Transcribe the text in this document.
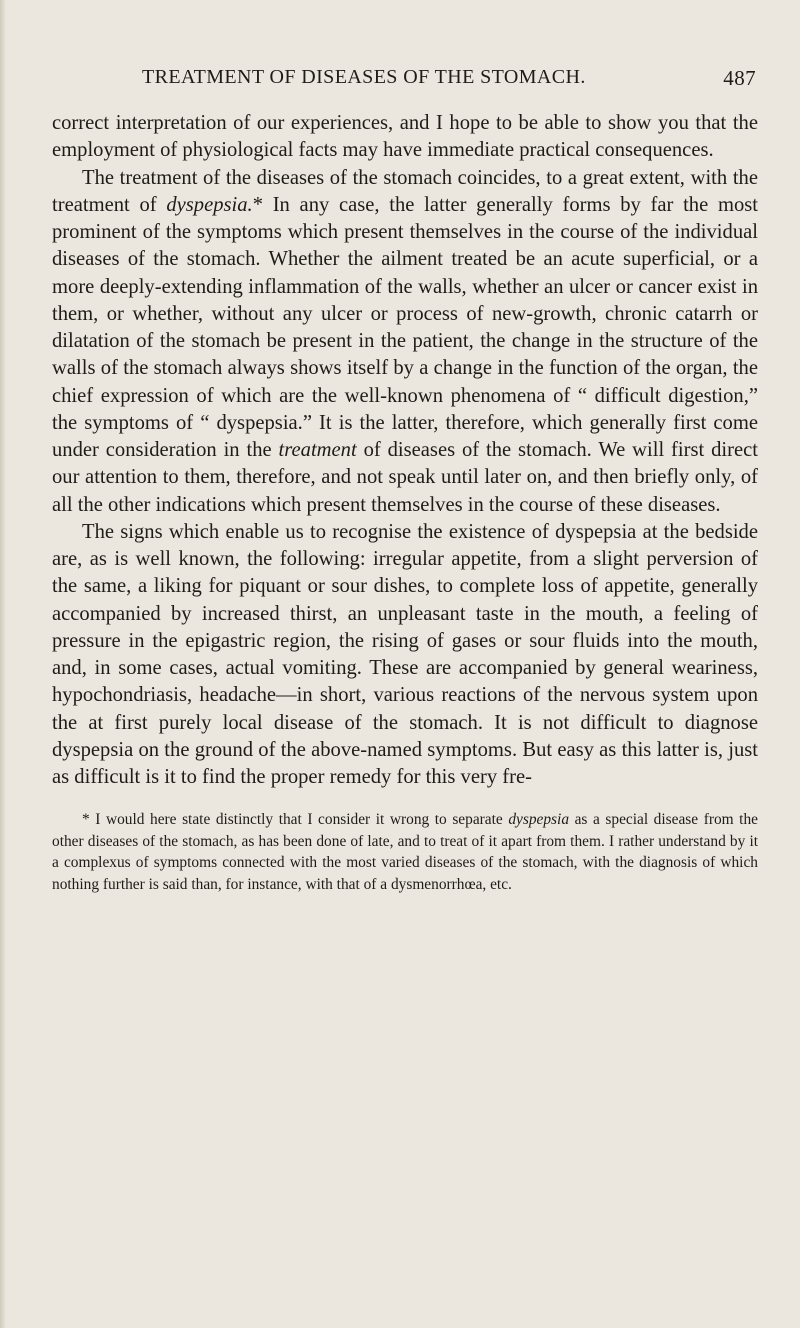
TREATMENT OF DISEASES OF THE STOMACH.	487

correct interpretation of our experiences, and I hope to be able to show you that the employment of physiological facts may have immediate practical consequences.

The treatment of the diseases of the stomach coincides, to a great extent, with the treatment of dyspepsia.* In any case, the latter generally forms by far the most prominent of the symptoms which present themselves in the course of the individual diseases of the stomach. Whether the ailment treated be an acute superficial, or a more deeply-extending inflammation of the walls, whether an ulcer or cancer exist in them, or whether, without any ulcer or process of new-growth, chronic catarrh or dilatation of the stomach be present in the patient, the change in the structure of the walls of the stomach always shows itself by a change in the function of the organ, the chief expression of which are the well-known phenomena of “ difficult digestion,” the symptoms of “ dyspepsia.” It is the latter, therefore, which generally first come under consideration in the treatment of diseases of the stomach. We will first direct our attention to them, therefore, and not speak until later on, and then briefly only, of all the other indications which present themselves in the course of these diseases.

The signs which enable us to recognise the existence of dyspepsia at the bedside are, as is well known, the following: irregular appetite, from a slight perversion of the same, a liking for piquant or sour dishes, to complete loss of appetite, generally accompanied by increased thirst, an unpleasant taste in the mouth, a feeling of pressure in the epigastric region, the rising of gases or sour fluids into the mouth, and, in some cases, actual vomiting. These are accompanied by general weariness, hypochondriasis, headache—in short, various reactions of the nervous system upon the at first purely local disease of the stomach. It is not difficult to diagnose dyspepsia on the ground of the above-named symptoms. But easy as this latter is, just as difficult is it to find the proper remedy for this very fre-

* I would here state distinctly that I consider it wrong to separate dyspepsia as a special disease from the other diseases of the stomach, as has been done of late, and to treat of it apart from them. I rather understand by it a complexus of symptoms connected with the most varied diseases of the stomach, with the diagnosis of which nothing further is said than, for instance, with that of a dysmenorrhœa, etc.
